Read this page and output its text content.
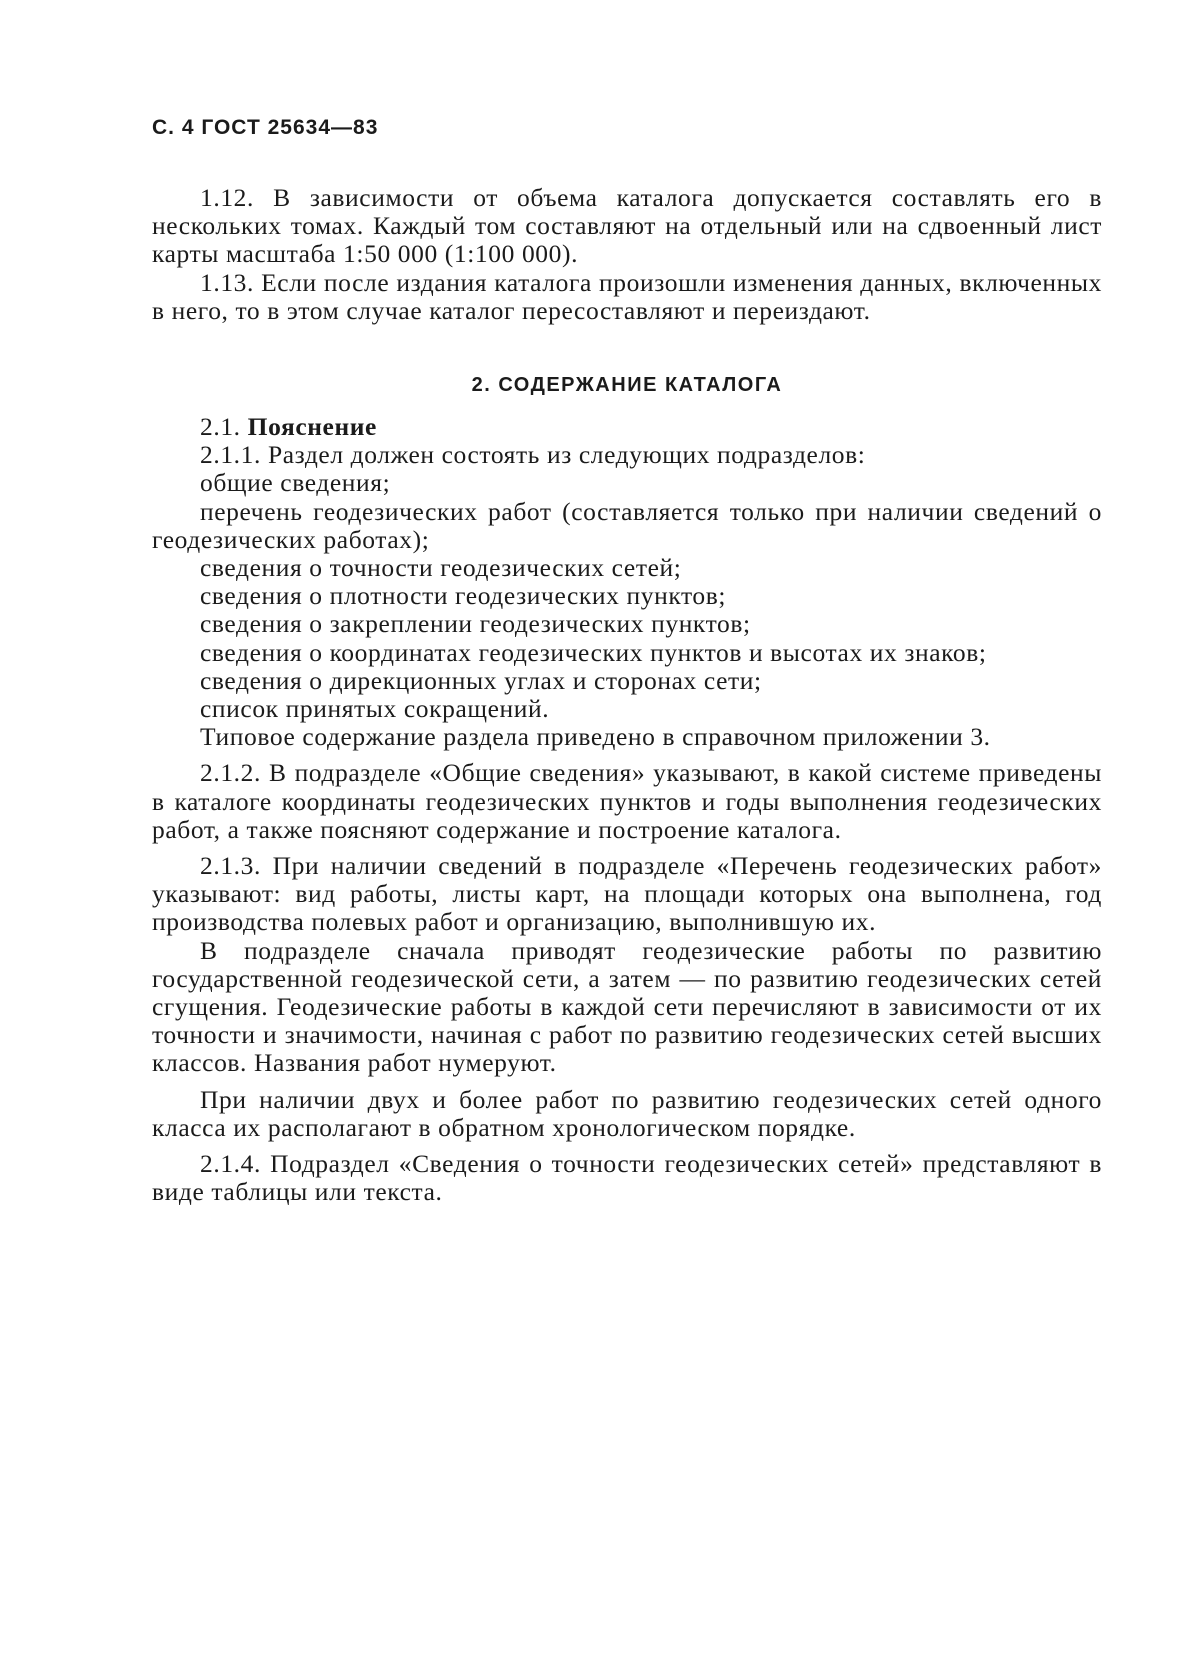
С. 4 ГОСТ 25634—83

1.12. В зависимости от объема каталога допускается составлять его в нескольких томах. Каждый том составляют на отдельный или на сдвоенный лист карты масштаба 1:50 000 (1:100 000).

1.13. Если после издания каталога произошли изменения данных, включенных в него, то в этом случае каталог пересоставляют и переиздают.

2. СОДЕРЖАНИЕ КАТАЛОГА

2.1. Пояснение

2.1.1. Раздел должен состоять из следующих подразделов:

общие сведения;

перечень геодезических работ (составляется только при наличии сведений о геодезических работах);

сведения о точности геодезических сетей;

сведения о плотности геодезических пунктов;

сведения о закреплении геодезических пунктов;

сведения о координатах геодезических пунктов и высотах их знаков;

сведения о дирекционных углах и сторонах сети;

список принятых сокращений.

Типовое содержание раздела приведено в справочном приложении 3.

2.1.2. В подразделе «Общие сведения» указывают, в какой системе приведены в каталоге координаты геодезических пунктов и годы выполнения геодезических работ, а также поясняют содержание и построение каталога.

2.1.3. При наличии сведений в подразделе «Перечень геодезических работ» указывают: вид работы, листы карт, на площади которых она выполнена, год производства полевых работ и организацию, выполнившую их.

В подразделе сначала приводят геодезические работы по развитию государственной геодезической сети, а затем — по развитию геодезических сетей сгущения. Геодезические работы в каждой сети перечисляют в зависимости от их точности и значимости, начиная с работ по развитию геодезических сетей высших классов. Названия работ нумеруют.

При наличии двух и более работ по развитию геодезических сетей одного класса их располагают в обратном хронологическом порядке.

2.1.4. Подраздел «Сведения о точности геодезических сетей» представляют в виде таблицы или текста.
